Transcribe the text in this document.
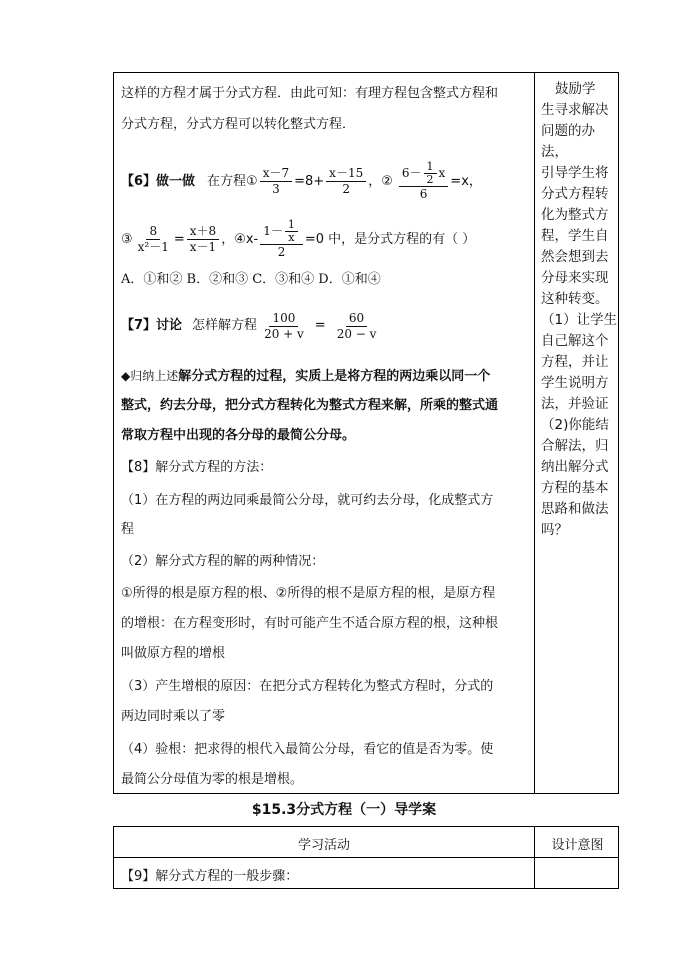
这样的方程才属于分式方程．由此可知：有理方程包含整式方程和
分式方程，分式方程可以转化整式方程．
【6】做一做 在方程① $\frac{x-7}{3} =8+ \frac{x-15}{2}$ ，②
$6- \frac{1}{2}$ x
6
=x，
③ $\frac{8}{\text{x²－1}} = \frac{x+8}{x-1}$ ，④x- $\frac{1- \frac{1}{x}}{2} =0$ 中，是分式方程的有（ ）
A．①和② B．②和③ C．③和④ D．①和④
【7】讨论 怎样解方程 $\frac{100}{20 + v} = \frac{60}{20 - v}$
◆归纳上述解分式方程的过程，实质上是将方程的两边乘以同一个
整式，约去分母，把分式方程转化为整式方程来解，所乘的整式通
常取方程中出现的各分母的最简公分母。
【8】解分式方程的方法：
（1）在方程的两边同乘最简公分母，就可约去分母，化成整式方
程
（2）解分式方程的解的两种情况：
①所得的根是原方程的根、②所得的根不是原方程的根，是原方程
的增根：在方程变形时，有时可能产生不适合原方程的根，这种根
叫做原方程的增根
（3）产生增根的原因：在把分式方程转化为整式方程时，分式的
两边同时乘以了零
（4）验根：把求得的根代入最简公分母，看它的值是否为零。使
最简公分母值为零的根是增根。
鼓励学
生寻求解决
问题的办法，
引导学生将
分式方程转
化为整式方
程，学生自
然会想到去
分母来实现
这种转变。
（1）让学生
自己解这个
方程，并让
学生说明方
法，并验证
（2)你能结
合解法，归
纳出解分式
方程的基本
思路和做法
吗？
$15.3分式方程（一）导学案
学习活动	设计意图
【9】解分式方程的一般步骤：
